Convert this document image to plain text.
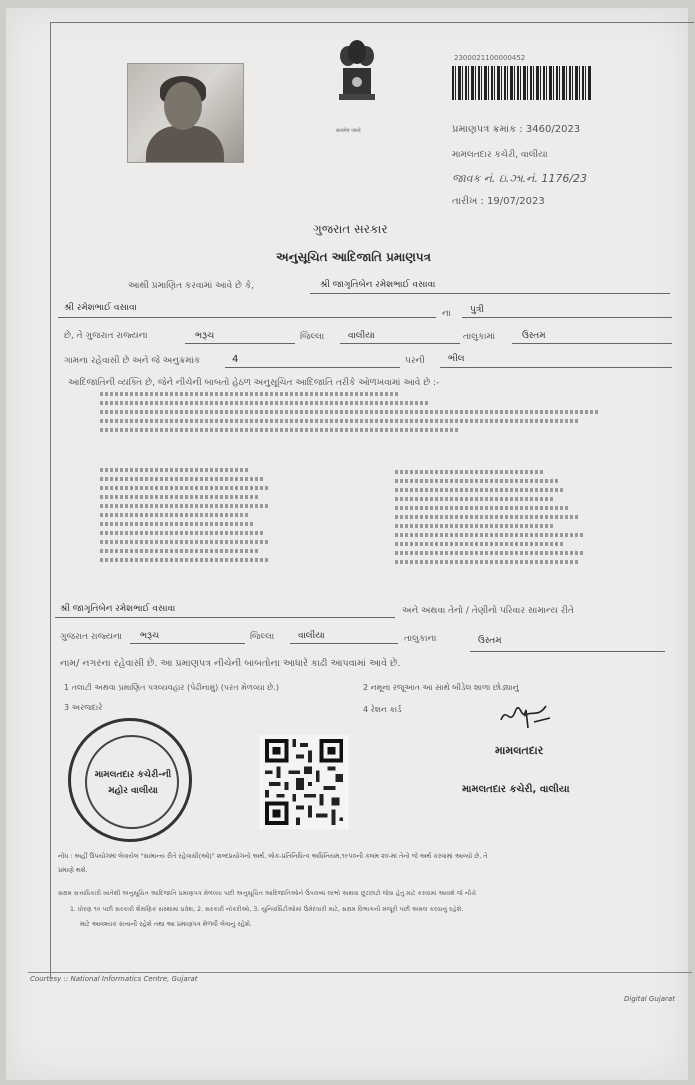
सत्यमेव जयते
2300021100000452
પ્રમાણપત્ર ક્રમાંક : 3460/2023
મામલતદાર કચેરી, વાલીયા
જાવક નં. ઇ.ઝા.નં. 1176/23
તારીખ : 19/07/2023
ગુજરાત સરકાર
અનુસૂચિત આદિજાતિ પ્રમાણપત્ર
આથી પ્રમાણિત કરવામાં આવે છે કે,	શ્રી જાગૃતિબેન રમેશભાઈ વસાવા
શ્રી રમેશભાઈ વસાવા
ના પુત્રી
છે, તે ગુજરાત રાજ્યના	ભરૂચ	જિલ્લા	વાલીયા	તાલુકામાં	ઉસ્તમ
ગામના રહેવાસી છે અને જે અનુક્રમાંક	4	પરની	ભીલ
આદિજાતિની વ્યક્તિ છે, જેને નીચેની બાબતો હેઠળ અનુસૂચિત આદિજાતિ તરીકે ઓળખવામાં આવે છે :-
શ્રી જાગૃતિબેન રમેશભાઈ વસાવા	અને અથવા તેનો / તેણીનો પરિવાર સામાન્ય રીતે
ગુજરાત રાજ્યના ભરૂચ	જિલ્લા	વાલીયા	તાલુકાના	ઉસ્તમ
નામ/ નગરના રહેવાસી છે. આ પ્રમાણપત્ર નીચેની બાબતોના આધારે કાઢી આપવામાં આવે છે.
1 તલાટી અથવા પ્રમાણિત પત્રવ્યવહાર (પેઢીનામું) (પરત મેળવ્યા છે.)	2 નમૂના રજૂઆત આ સાથે બીડેલ શાળા છોડ્યાનું
3 અરજદારે	4 રેશન કાર્ડ
મામલતદાર કચેરી-ની મહોર વાલીયા
મામલતદાર
મામલતદાર કચેરી, વાલીયા
નોંધ : અહીં ઉપયોગમાં લેવાયેલ "સામાન્ય રીતે રહેવાસી(ઓ)" શબ્દપ્રયોગનો અર્થ, લોક-પ્રતિનિધિત્વ અધિનિયમ,૧૯૫૦ની કલમ ૨૦-માં તેનો જે અર્થ કરવામાં આવ્યો છે, તે
પ્રમાણે થશે.
સક્ષમ સત્તાધિકારી ખાતેથી અનુસૂચિત આદિજાતિ પ્રમાણપત્ર મેળવ્યા પછી અનુસૂચિત આદિજાતિઓને ઉપલબ્ધ લાભો અથવા છૂટછાટો જેવા હેતુ માટે કરવામાં આવશે જે નીચે
1. ધોરણ ૧૦ પછી સરકારી શૈક્ષણિક સંસ્થામાં પ્રવેશ, 2. સરકારી નોકરીઓ, 3. યુનિવર્સિટીઓમાં ઉમેદવારી માટે, સક્ષમ વિભાગની મંજૂરી પછી અમલ કરવાનું રહેશે.
માટે આવશ્યક સત્તાની રહેશે તથા આ પ્રમાણપત્ર મેળવી લેવાનું રહેશે.
Courtesy :: National Informatics Centre, Gujarat
Digital Gujarat
